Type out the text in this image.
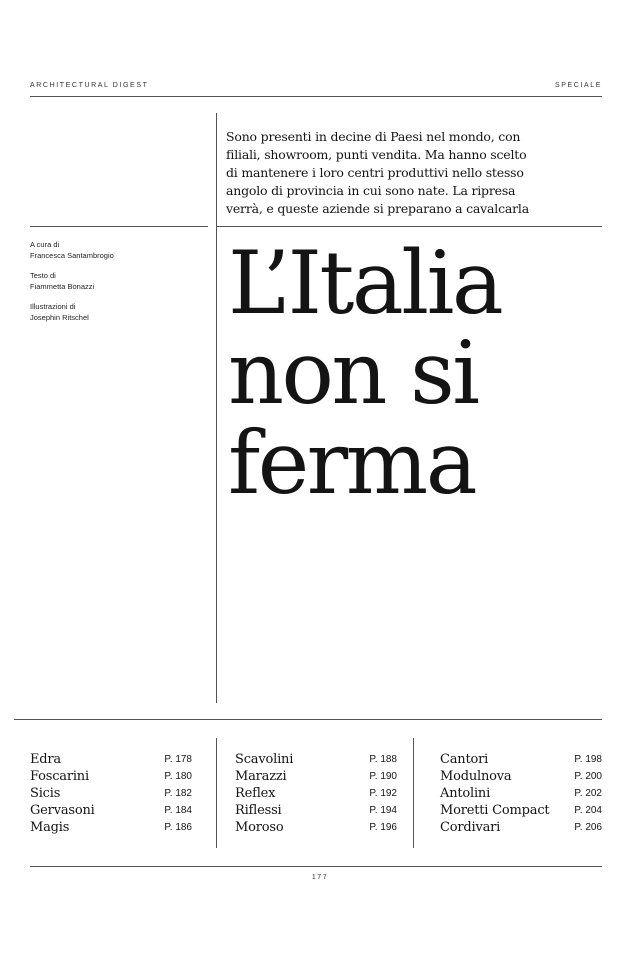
ARCHITECTURAL DIGEST	SPECIALE
Sono presenti in decine di Paesi nel mondo, con
filiali, showroom, punti vendita. Ma hanno scelto
di mantenere i loro centri produttivi nello stesso
angolo di provincia in cui sono nate. La ripresa
verrà, e queste aziende si preparano a cavalcarla
A cura di
Francesca Santambrogio
Testo di
Fiammetta Bonazzi
Illustrazioni di
Josephin Ritschel	L’Italia
non si
ferma
Edra	P. 178
Foscarini	P. 180
Sicis	P. 182
Gervasoni	P. 184
Magis	P. 186
Scavolini	P. 188
Marazzi	P. 190
Reflex	P. 192
Riflessi	P. 194
Moroso	P. 196
Cantori	P. 198
Modulnova	P. 200
Antolini	P. 202
Moretti Compact P. 204
Cordivari	P. 206
177
